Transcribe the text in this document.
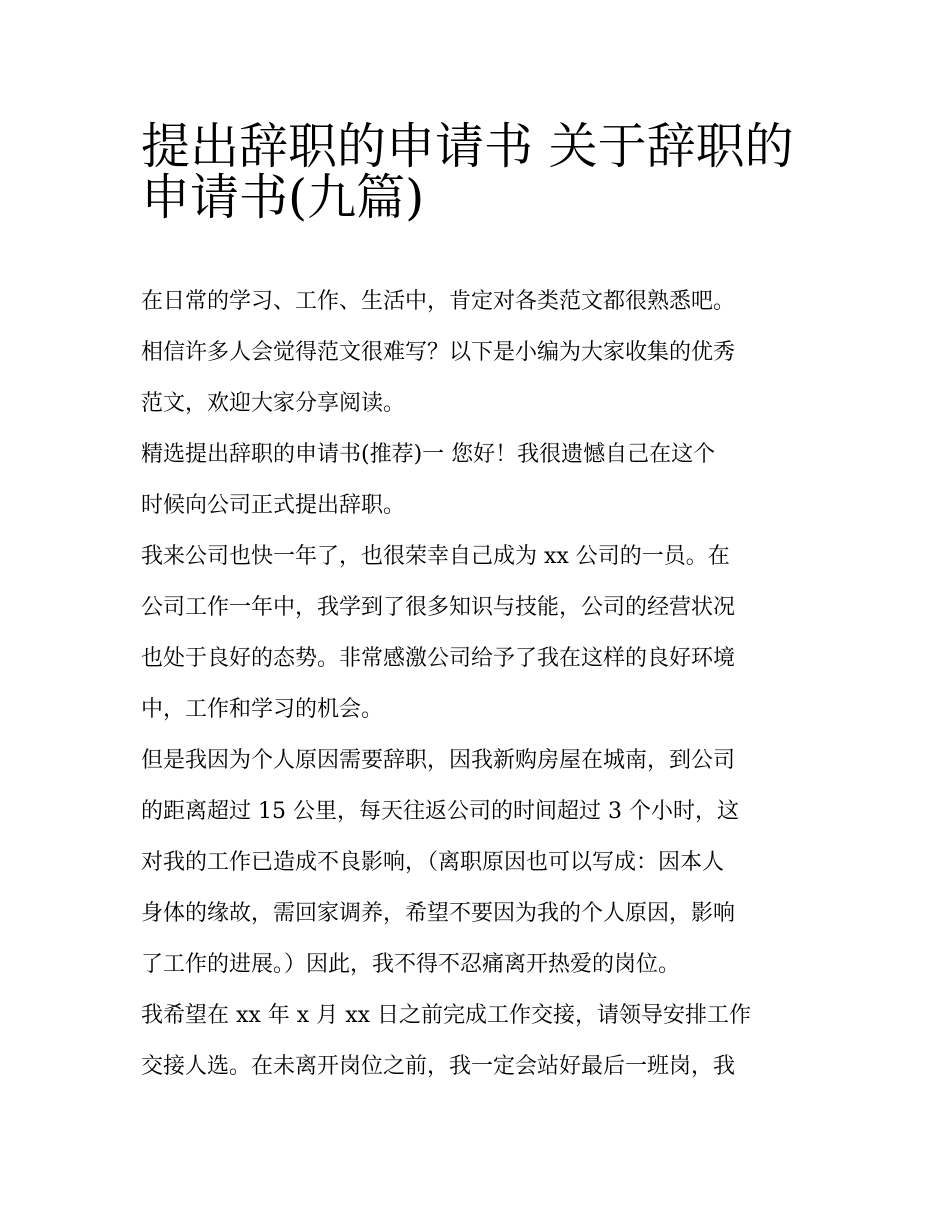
提出辞职的申请书 关于辞职的
申请书(九篇)

在日常的学习、工作、生活中，肯定对各类范文都很熟悉吧。
相信许多人会觉得范文很难写？以下是小编为大家收集的优秀
范文，欢迎大家分享阅读。

精选提出辞职的申请书(推荐)一 您好！我很遗憾自己在这个
时候向公司正式提出辞职。

我来公司也快一年了，也很荣幸自己成为 xx 公司的一员。在
公司工作一年中，我学到了很多知识与技能，公司的经营状况
也处于良好的态势。非常感激公司给予了我在这样的良好环境
中，工作和学习的机会。

但是我因为个人原因需要辞职，因我新购房屋在城南，到公司
的距离超过 15 公里，每天往返公司的时间超过 3 个小时，这
对我的工作已造成不良影响，（离职原因也可以写成：因本人
身体的缘故，需回家调养，希望不要因为我的个人原因，影响
了工作的进展。）因此，我不得不忍痛离开热爱的岗位。

我希望在 xx 年 x 月 xx 日之前完成工作交接，请领导安排工作
交接人选。在未离开岗位之前，我一定会站好最后一班岗，我
